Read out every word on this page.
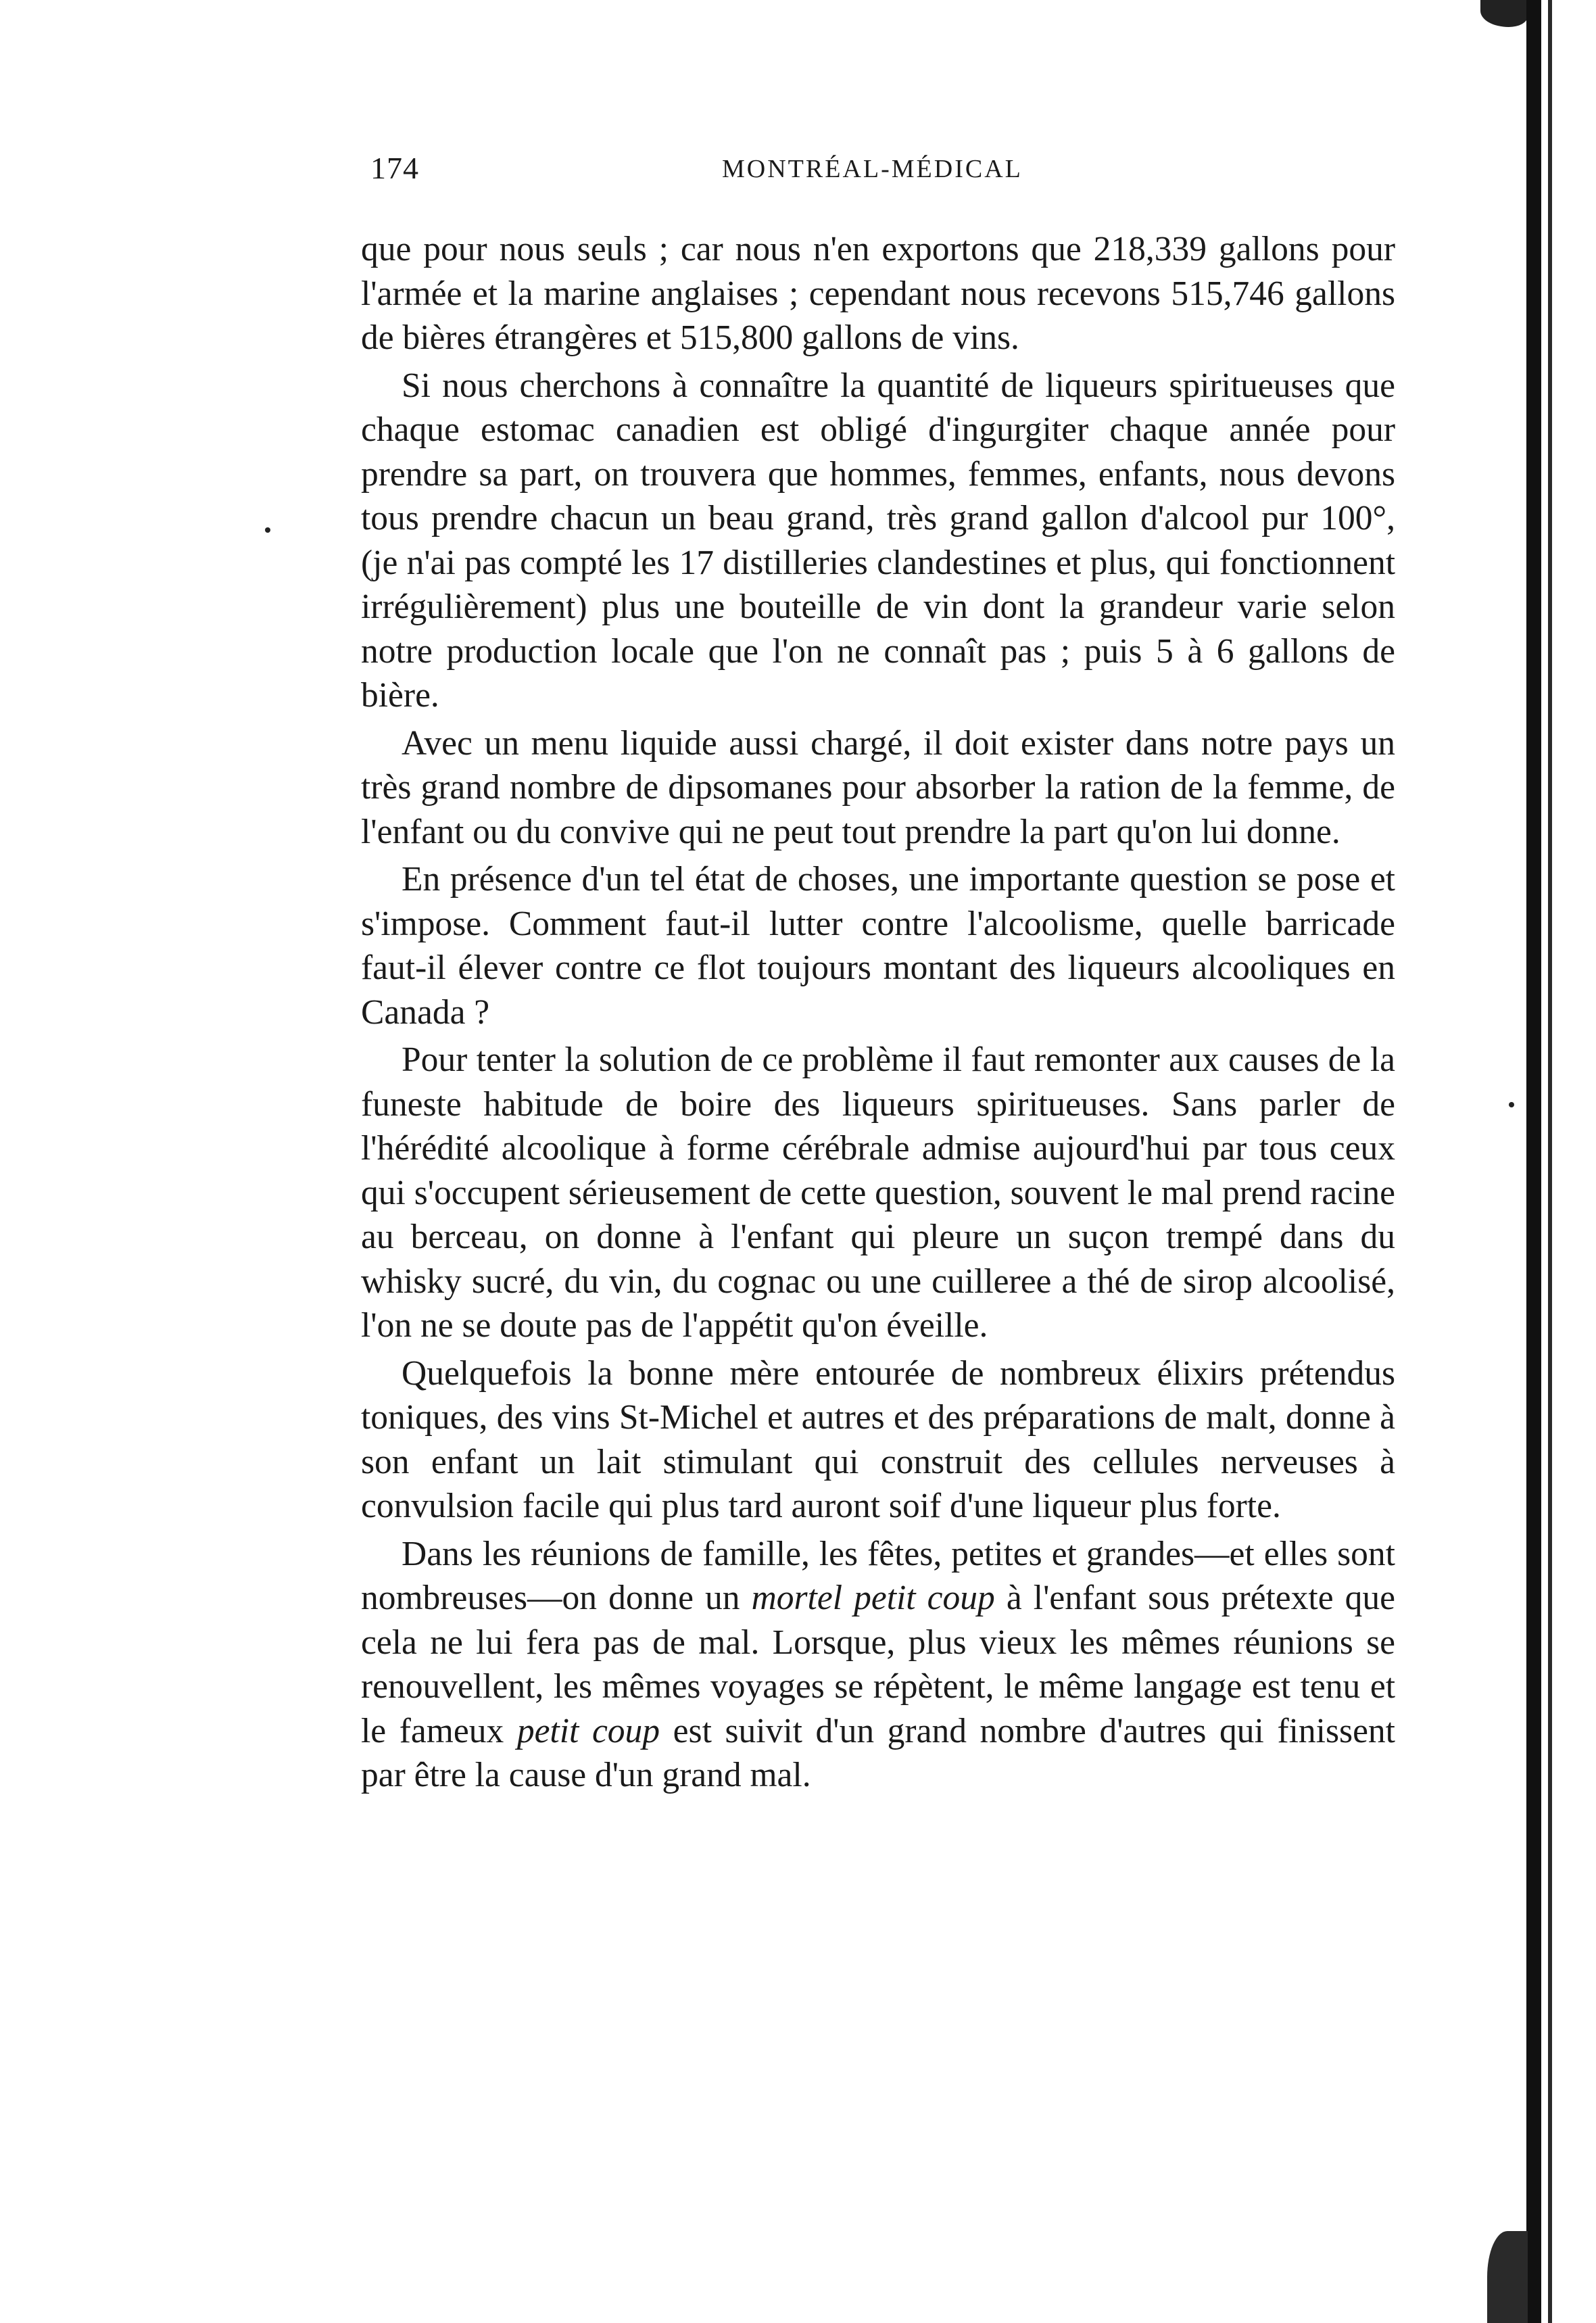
174	MONTRÉAL-MÉDICAL

que pour nous seuls ; car nous n'en exportons que 218,339 gallons pour l'armée et la marine anglaises ; cependant nous recevons 515,746 gallons de bières étrangères et 515,800 gallons de vins.

Si nous cherchons à connaître la quantité de liqueurs spiritueuses que chaque estomac canadien est obligé d'ingurgiter chaque année pour prendre sa part, on trouvera que hommes, femmes, enfants, nous devons tous prendre chacun un beau grand, très grand gallon d'alcool pur 100°, (je n'ai pas compté les 17 distilleries clandestines et plus, qui fonctionnent irrégulièrement) plus une bouteille de vin dont la grandeur varie selon notre production locale que l'on ne connaît pas ; puis 5 à 6 gallons de bière.

Avec un menu liquide aussi chargé, il doit exister dans notre pays un très grand nombre de dipsomanes pour absorber la ration de la femme, de l'enfant ou du convive qui ne peut tout prendre la part qu'on lui donne.

En présence d'un tel état de choses, une importante question se pose et s'impose. Comment faut-il lutter contre l'alcoolisme, quelle barricade faut-il élever contre ce flot toujours montant des liqueurs alcooliques en Canada ?

Pour tenter la solution de ce problème il faut remonter aux causes de la funeste habitude de boire des liqueurs spiritueuses. Sans parler de l'hérédité alcoolique à forme cérébrale admise aujourd'hui par tous ceux qui s'occupent sérieusement de cette question, souvent le mal prend racine au berceau, on donne à l'enfant qui pleure un suçon trempé dans du whisky sucré, du vin, du cognac ou une cuilleree a thé de sirop alcoolisé, l'on ne se doute pas de l'appétit qu'on éveille.

Quelquefois la bonne mère entourée de nombreux élixirs prétendus toniques, des vins St-Michel et autres et des préparations de malt, donne à son enfant un lait stimulant qui construit des cellules nerveuses à convulsion facile qui plus tard auront soif d'une liqueur plus forte.

Dans les réunions de famille, les fêtes, petites et grandes—et elles sont nombreuses—on donne un mortel petit coup à l'enfant sous prétexte que cela ne lui fera pas de mal. Lorsque, plus vieux les mêmes réunions se renouvellent, les mêmes voyages se répètent, le même langage est tenu et le fameux petit coup est suivit d'un grand nombre d'autres qui finissent par être la cause d'un grand mal.
